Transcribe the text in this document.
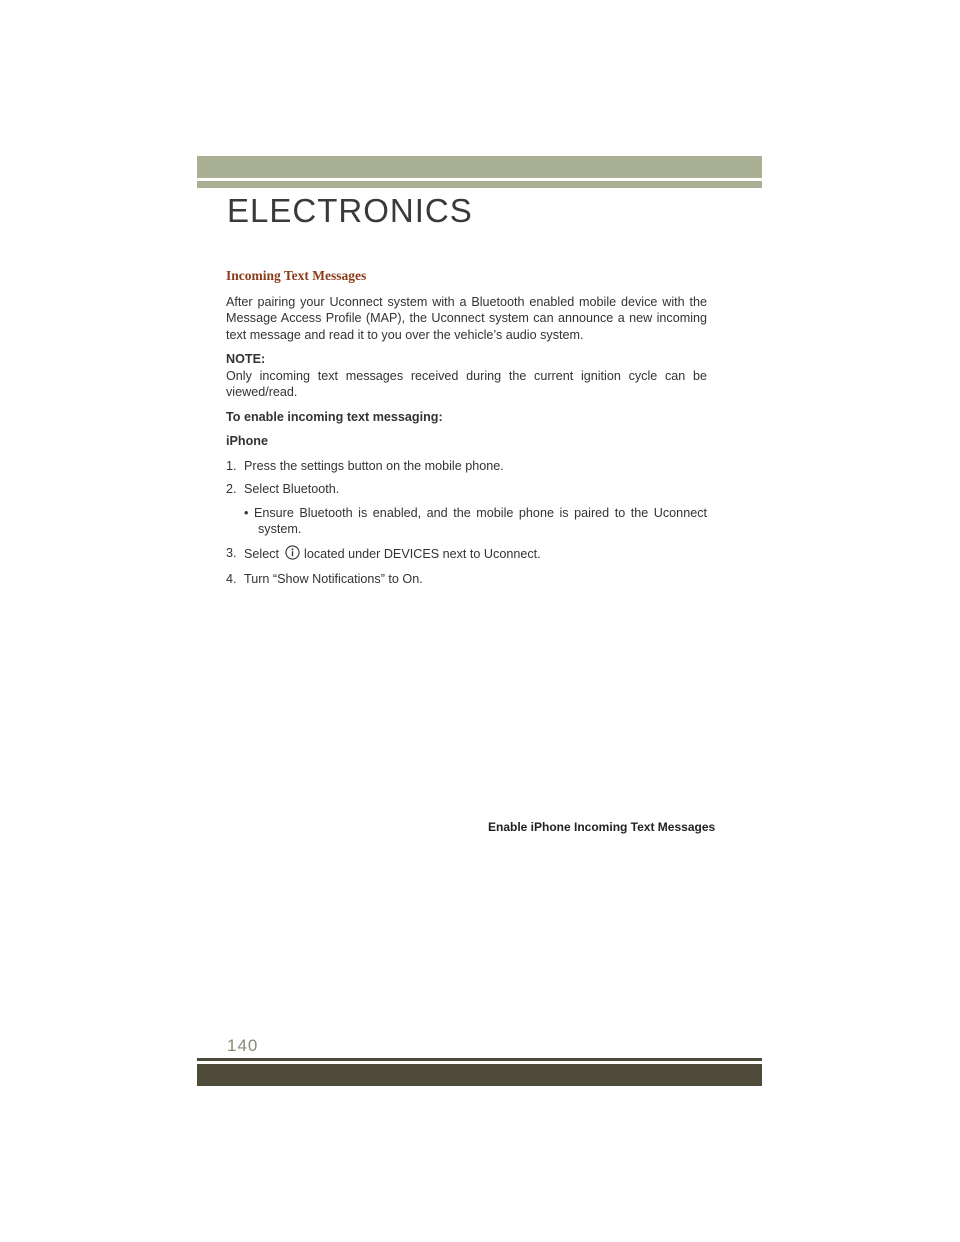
ELECTRONICS

Incoming Text Messages

After pairing your Uconnect system with a Bluetooth enabled mobile device with the Message Access Profile (MAP), the Uconnect system can announce a new incoming text message and read it to you over the vehicle’s audio system.

NOTE:

Only incoming text messages received during the current ignition cycle can be viewed/read.

To enable incoming text messaging:

iPhone

1. Press the settings button on the mobile phone.
2. Select Bluetooth.

• Ensure Bluetooth is enabled, and the mobile phone is paired to the Uconnect system.

3. Select located under DEVICES next to Uconnect.
4. Turn “Show Notifications” to On.
Enable iPhone Incoming Text Messages
140
